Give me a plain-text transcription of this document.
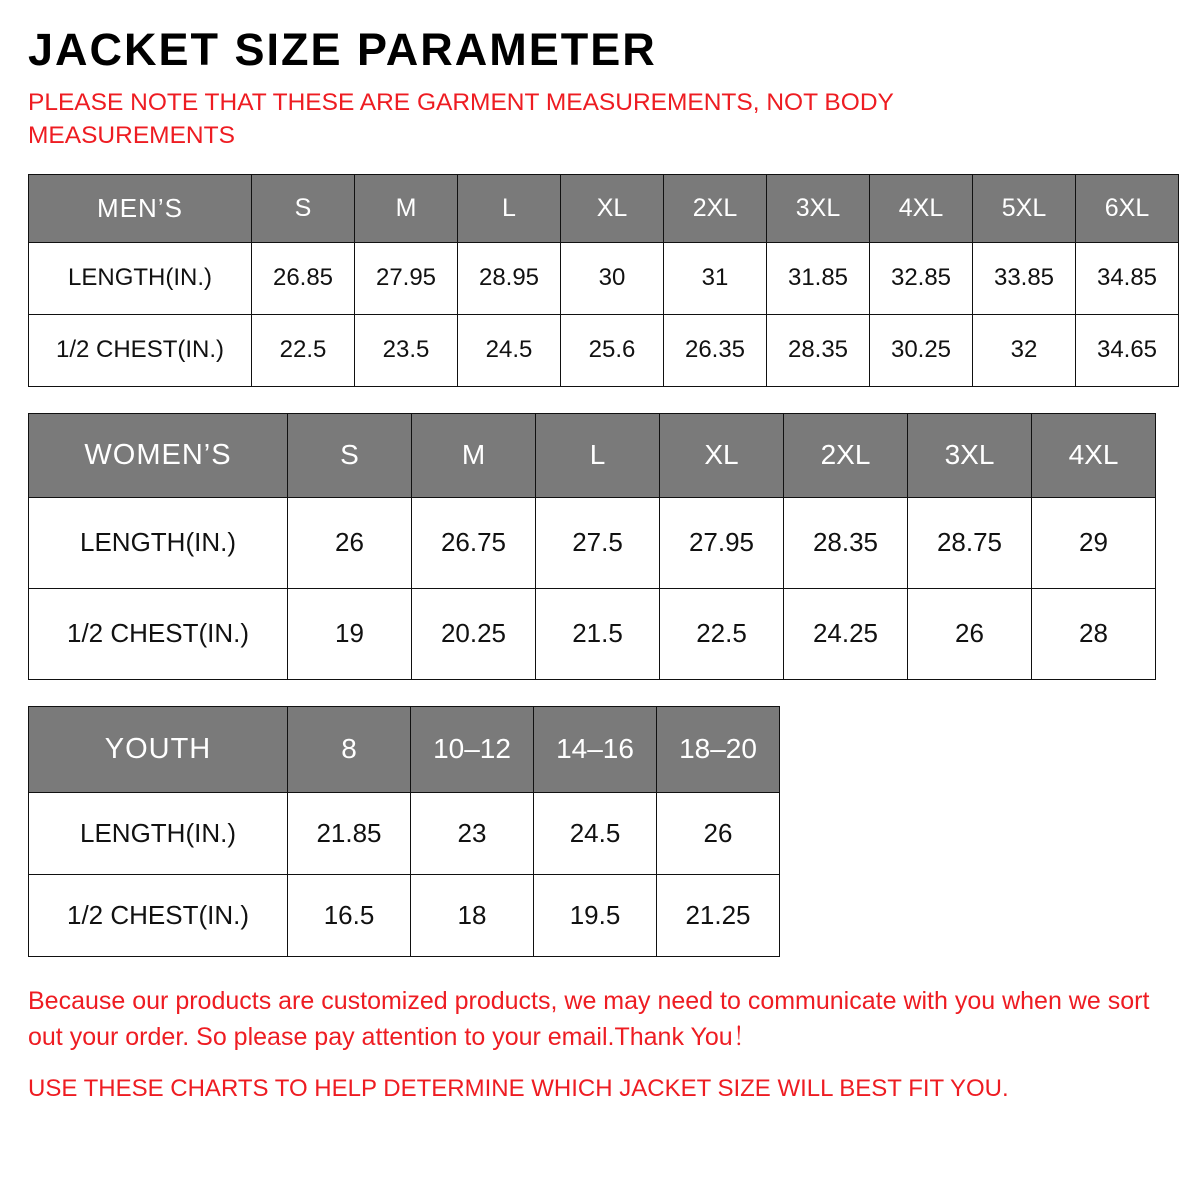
JACKET SIZE PARAMETER

PLEASE NOTE THAT THESE ARE GARMENT MEASUREMENTS, NOT BODY MEASUREMENTS

MEN’S	S	M	L	XL	2XL	3XL	4XL	5XL	6XL
LENGTH(IN.)	26.85	27.95	28.95	30	31	31.85	32.85	33.85	34.85
1/2 CHEST(IN.)	22.5	23.5	24.5	25.6	26.35	28.35	30.25	32	34.65
WOMEN’S	S	M	L	XL	2XL	3XL	4XL
LENGTH(IN.)	26	26.75	27.5	27.95	28.35	28.75	29
1/2 CHEST(IN.)	19	20.25	21.5	22.5	24.25	26	28
YOUTH	8	10–12	14–16	18–20
LENGTH(IN.)	21.85	23	24.5	26
1/2 CHEST(IN.)	16.5	18	19.5	21.25

Because our products are customized products, we may need to communicate with you when we sort out your order. So please pay attention to your email.Thank You！

USE THESE CHARTS TO HELP DETERMINE WHICH JACKET SIZE WILL BEST FIT YOU.
